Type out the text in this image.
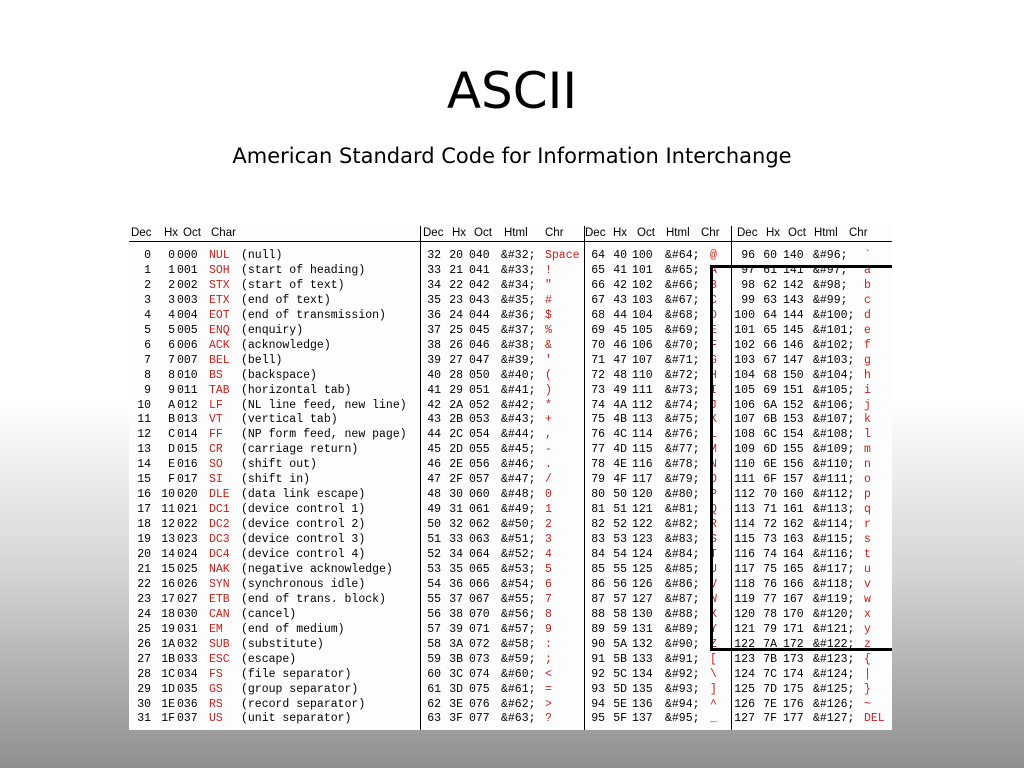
ASCII
American Standard Code for Information Interchange
Dec Hx Oct Char	Dec Hx Oct Html Chr Dec Hx Oct Html Chr Dec Hx Oct Html Chr
0 0 000 NUL (null)	32 20 040 &#32; Space 64 40 100 &#64; @ 96 60 140 &#96; `
1 1 001 SOH (start of heading)	33 21 041 &#33; !	65 41 101 &#65; A 97 61 141 &#97; a
2 2 002 STX (start of text)	34 22 042 &#34; "	66 42 102 &#66; B 98 62 142 &#98; b
3 3 003 ETX (end of text)	35 23 043 &#35; #	67 43 103 &#67; C 99 63 143 &#99; c
4 4 004 EOT (end of transmission)	36 24 044 &#36; $	68 44 104 &#68; D 100 64 144 &#100; d
5 5 005 ENQ (enquiry)	37 25 045 &#37; %	69 45 105 &#69; E 101 65 145 &#101; e
6 6 006 ACK (acknowledge)	38 26 046 &#38; &	70 46 106 &#70; F 102 66 146 &#102; f
7 7 007 BEL (bell)	39 27 047 &#39; '	71 47 107 &#71; G 103 67 147 &#103; g
8 8 010 BS (backspace)	40 28 050 &#40; (	72 48 110 &#72; H 104 68 150 &#104; h
9 9 011 TAB (horizontal tab)	41 29 051 &#41; )	73 49 111 &#73; I 105 69 151 &#105; i
10 A 012 LF (NL line feed, new line) 42 2A 052 &#42; *	74 4A 112 &#74; J 106 6A 152 &#106; j
11 B 013 VT (vertical tab)	43 2B 053 &#43; +	75 4B 113 &#75; K 107 6B 153 &#107; k
12 C 014 FF (NP form feed, new page) 44 2C 054 &#44; ,	76 4C 114 &#76; L 108 6C 154 &#108; l
13 D 015 CR (carriage return)	45 2D 055 &#45; -	77 4D 115 &#77; M 109 6D 155 &#109; m
14 E 016 SO (shift out)	46 2E 056 &#46; .	78 4E 116 &#78; N 110 6E 156 &#110; n
15 F 017 SI (shift in)	47 2F 057 &#47; /	79 4F 117 &#79; O 111 6F 157 &#111; o
16 10 020 DLE (data link escape)	48 30 060 &#48; 0	80 50 120 &#80; P 112 70 160 &#112; p
17 11 021 DC1 (device control 1)	49 31 061 &#49; 1	81 51 121 &#81; Q 113 71 161 &#113; q
18 12 022 DC2 (device control 2)	50 32 062 &#50; 2	82 52 122 &#82; R 114 72 162 &#114; r
19 13 023 DC3 (device control 3)	51 33 063 &#51; 3	83 53 123 &#83; S 115 73 163 &#115; s
20 14 024 DC4 (device control 4)	52 34 064 &#52; 4	84 54 124 &#84; T 116 74 164 &#116; t
21 15 025 NAK (negative acknowledge)	53 35 065 &#53; 5	85 55 125 &#85; U 117 75 165 &#117; u
22 16 026 SYN (synchronous idle)	54 36 066 &#54; 6	86 56 126 &#86; V 118 76 166 &#118; v
23 17 027 ETB (end of trans. block)	55 37 067 &#55; 7	87 57 127 &#87; W 119 77 167 &#119; w
24 18 030 CAN (cancel)	56 38 070 &#56; 8	88 58 130 &#88; X 120 78 170 &#120; x
25 19 031 EM (end of medium)	57 39 071 &#57; 9	89 59 131 &#89; Y 121 79 171 &#121; y
26 1A 032 SUB (substitute)	58 3A 072 &#58; :	90 5A 132 &#90; Z 122 7A 172 &#122; z
27 1B 033 ESC (escape)	59 3B 073 &#59; ;	91 5B 133 &#91; [ 123 7B 173 &#123; {
28 1C 034 FS (file separator)	60 3C 074 &#60; <	92 5C 134 &#92; \ 124 7C 174 &#124; |
29 1D 035 GS (group separator)	61 3D 075 &#61; =	93 5D 135 &#93; ] 125 7D 175 &#125; }
30 1E 036 RS (record separator)	62 3E 076 &#62; >	94 5E 136 &#94; ^ 126 7E 176 &#126; ~
31 1F 037 US (unit separator)	63 3F 077 &#63; ?	95 5F 137 &#95; _ 127 7F 177 &#127; DEL
